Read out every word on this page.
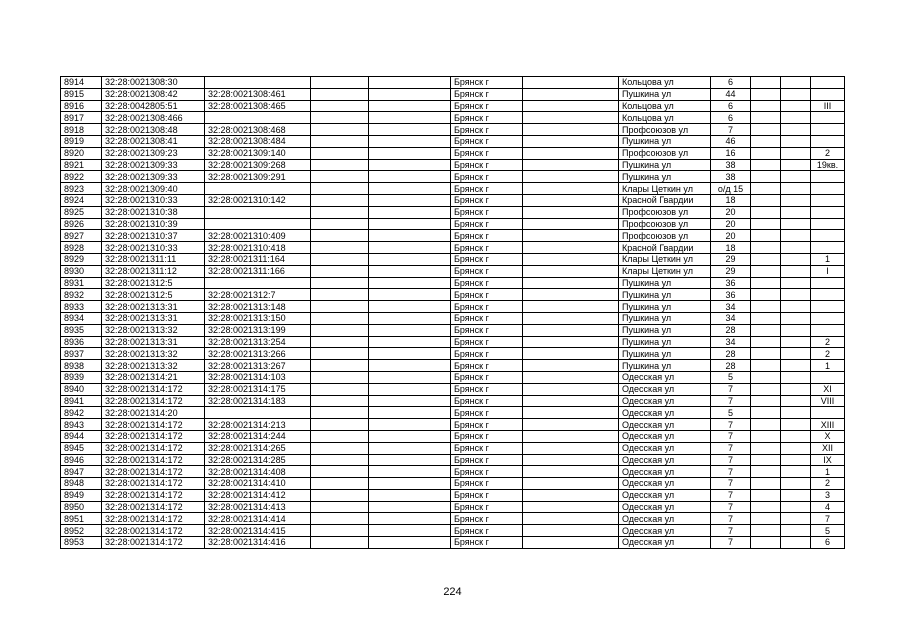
8914	32:28:0021308:30				Брянск г		Кольцова ул	6			
8915	32:28:0021308:42	32:28:0021308:461			Брянск г		Пушкина ул	44			
8916	32:28:0042805:51	32:28:0021308:465			Брянск г		Кольцова ул	6			III
8917	32:28:0021308:466				Брянск г		Кольцова ул	6			
8918	32:28:0021308:48	32:28:0021308:468			Брянск г		Профсоюзов ул	7			
8919	32:28:0021308:41	32:28:0021308:484			Брянск г		Пушкина ул	46			
8920	32:28:0021309:23	32:28:0021309:140			Брянск г		Профсоюзов ул	16			2
8921	32:28:0021309:33	32:28:0021309:268			Брянск г		Пушкина ул	38			19кв.
8922	32:28:0021309:33	32:28:0021309:291			Брянск г		Пушкина ул	38			
8923	32:28:0021309:40				Брянск г		Клары Цеткин ул	о/д 15			
8924	32:28:0021310:33	32:28:0021310:142			Брянск г		Красной Гвардии	18			
8925	32:28:0021310:38				Брянск г		Профсоюзов ул	20			
8926	32:28:0021310:39				Брянск г		Профсоюзов ул	20			
8927	32:28:0021310:37	32:28:0021310:409			Брянск г		Профсоюзов ул	20			
8928	32:28:0021310:33	32:28:0021310:418			Брянск г		Красной Гвардии	18			
8929	32:28:0021311:11	32:28:0021311:164			Брянск г		Клары Цеткин ул	29			1
8930	32:28:0021311:12	32:28:0021311:166			Брянск г		Клары Цеткин ул	29			I
8931	32:28:0021312:5				Брянск г		Пушкина ул	36			
8932	32:28:0021312:5	32:28:0021312:7			Брянск г		Пушкина ул	36			
8933	32:28:0021313:31	32:28:0021313:148			Брянск г		Пушкина ул	34			
8934	32:28:0021313:31	32:28:0021313:150			Брянск г		Пушкина ул	34			
8935	32:28:0021313:32	32:28:0021313:199			Брянск г		Пушкина ул	28			
8936	32:28:0021313:31	32:28:0021313:254			Брянск г		Пушкина ул	34			2
8937	32:28:0021313:32	32:28:0021313:266			Брянск г		Пушкина ул	28			2
8938	32:28:0021313:32	32:28:0021313:267			Брянск г		Пушкина ул	28			1
8939	32:28:0021314:21	32:28:0021314:103			Брянск г		Одесская ул	5			
8940	32:28:0021314:172	32:28:0021314:175			Брянск г		Одесская ул	7			XI
8941	32:28:0021314:172	32:28:0021314:183			Брянск г		Одесская ул	7			VIII
8942	32:28:0021314:20				Брянск г		Одесская ул	5			
8943	32:28:0021314:172	32:28:0021314:213			Брянск г		Одесская ул	7			XIII
8944	32:28:0021314:172	32:28:0021314:244			Брянск г		Одесская ул	7			X
8945	32:28:0021314:172	32:28:0021314:265			Брянск г		Одесская ул	7			XII
8946	32:28:0021314:172	32:28:0021314:285			Брянск г		Одесская ул	7			IX
8947	32:28:0021314:172	32:28:0021314:408			Брянск г		Одесская ул	7			1
8948	32:28:0021314:172	32:28:0021314:410			Брянск г		Одесская ул	7			2
8949	32:28:0021314:172	32:28:0021314:412			Брянск г		Одесская ул	7			3
8950	32:28:0021314:172	32:28:0021314:413			Брянск г		Одесская ул	7			4
8951	32:28:0021314:172	32:28:0021314:414			Брянск г		Одесская ул	7			7
8952	32:28:0021314:172	32:28:0021314:415			Брянск г		Одесская ул	7			5
8953	32:28:0021314:172	32:28:0021314:416			Брянск г		Одесская ул	7			6
224
